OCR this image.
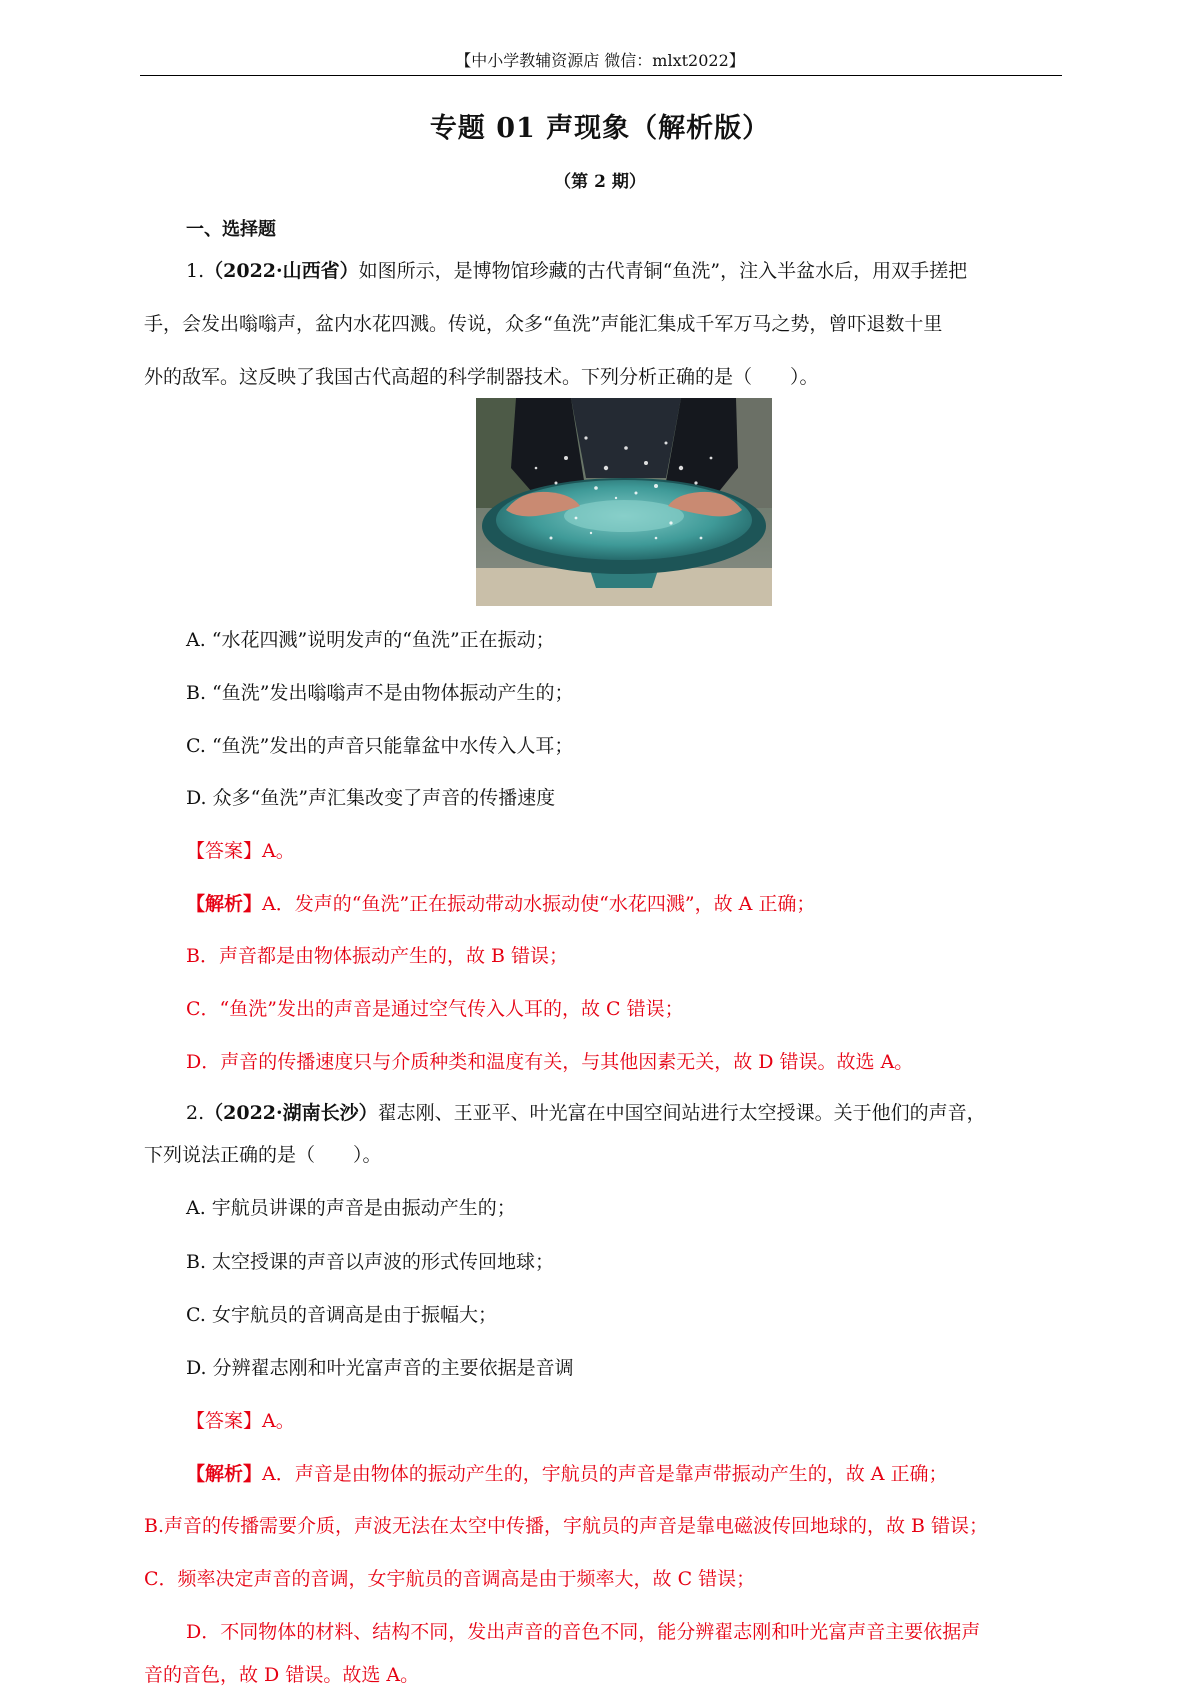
【中小学教辅资源店 微信：mlxt2022】
专题 01 声现象（解析版）
（第 2 期）
一、选择题
1.（2022·山西省）如图所示，是博物馆珍藏的古代青铜“鱼洗”，注入半盆水后，用双手搓把
手，会发出嗡嗡声，盆内水花四溅。传说，众多“鱼洗”声能汇集成千军万马之势，曾吓退数十里
外的敌军。这反映了我国古代高超的科学制器技术。下列分析正确的是（　　）。
A. “水花四溅”说明发声的“鱼洗”正在振动；
B. “鱼洗”发出嗡嗡声不是由物体振动产生的；
C. “鱼洗”发出的声音只能靠盆中水传入人耳；
D. 众多“鱼洗”声汇集改变了声音的传播速度
【答案】A。
【解析】A．发声的“鱼洗”正在振动带动水振动使“水花四溅”，故 A 正确；
B．声音都是由物体振动产生的，故 B 错误；
C．“鱼洗”发出的声音是通过空气传入人耳的，故 C 错误；
D．声音的传播速度只与介质种类和温度有关，与其他因素无关，故 D 错误。故选 A。
2.（2022·湖南长沙）翟志刚、王亚平、叶光富在中国空间站进行太空授课。关于他们的声音，
下列说法正确的是（　　）。
A. 宇航员讲课的声音是由振动产生的；
B. 太空授课的声音以声波的形式传回地球；
C. 女宇航员的音调高是由于振幅大；
D. 分辨翟志刚和叶光富声音的主要依据是音调
【答案】A。
【解析】A．声音是由物体的振动产生的，宇航员的声音是靠声带振动产生的，故 A 正确；
B.声音的传播需要介质，声波无法在太空中传播，宇航员的声音是靠电磁波传回地球的，故 B 错误；
C．频率决定声音的音调，女宇航员的音调高是由于频率大，故 C 错误；
D．不同物体的材料、结构不同，发出声音的音色不同，能分辨翟志刚和叶光富声音主要依据声
音的音色，故 D 错误。故选 A。
